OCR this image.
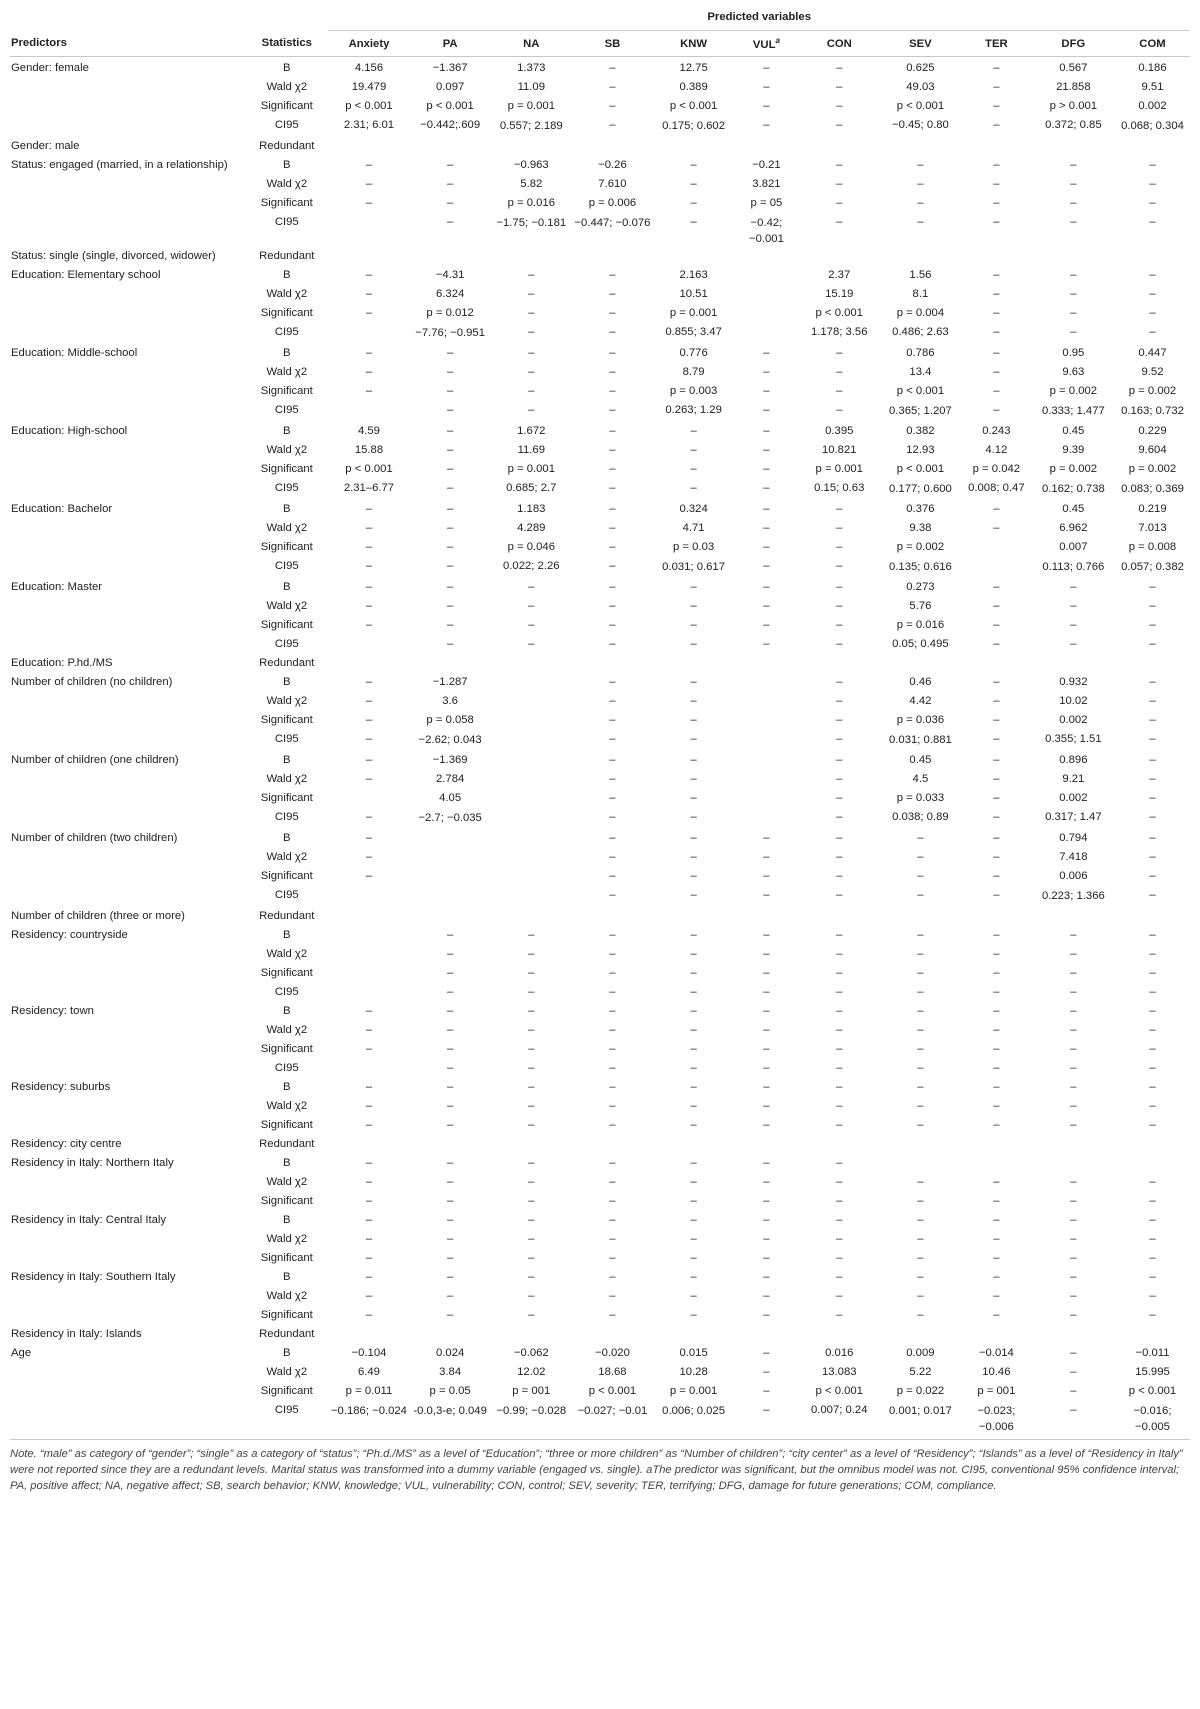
		Predicted variables										
Predictors	Statistics	Anxiety	PA	NA	SB	KNW	VUL$^a$	CON	SEV	TER	DFG	COM
Gender: female	B	4.156	−1.367	1.373	–	12.75	–	–	0.625	–	0.567	0.186
	Wald χ2	19.479	0.097	11.09	–	0.389	–	–	49.03	–	21.858	9.51
	Significant	p < 0.001	p < 0.001	p = 0.001	–	p < 0.001	–	–	p < 0.001	–	p > 0.001	0.002
	CI95	2.31; 6.01	−0.442;.609	0.557; 2.189	–	0.175; 0.602	–	–	−0.45; 0.80	–	0.372; 0.85	0.068; 0.304
Gender: male	Redundant											
Status: engaged (married, in a relationship)	B	–	–	−0.963	−0.26	–	−0.21	–	–	–	–	–
	Wald χ2	–	–	5.82	7.610	–	3.821	–	–	–	–	–
	Significant	–	–	p = 0.016	p = 0.006	–	p = 05	–	–	–	–	–
	CI95		–	−1.75; −0.181	−0.447; −0.076	–	−0.42; −0.001	–	–	–	–	–
Status: single (single, divorced, widower)	Redundant											
Education: Elementary school	B	–	−4.31	–	–	2.163		2.37	1.56	–	–	–
	Wald χ2	–	6.324	–	–	10.51		15.19	8.1	–	–	–
	Significant	–	p = 0.012	–	–	p = 0.001		p < 0.001	p = 0.004	–	–	–
	CI95		−7.76; −0.951	–	–	0.855; 3.47		1.178; 3.56	0.486; 2.63	–	–	–
Education: Middle-school	B	–	–	–	–	0.776	–	–	0.786	–	0.95	0.447
	Wald χ2	–	–	–	–	8.79	–	–	13.4	–	9.63	9.52
	Significant	–	–	–	–	p = 0.003	–	–	p < 0.001	–	p = 0.002	p = 0.002
	CI95		–	–	–	0.263; 1.29	–	–	0.365; 1.207	–	0.333; 1.477	0.163; 0.732
Education: High-school	B	4.59	–	1.672	–	–	–	0.395	0.382	0.243	0.45	0.229
	Wald χ2	15.88	–	11.69	–	–	–	10.821	12.93	4.12	9.39	9.604
	Significant	p < 0.001	–	p = 0.001	–	–	–	p = 0.001	p < 0.001	p = 0.042	p = 0.002	p = 0.002
	CI95	2.31–6.77	–	0.685; 2.7	–	–	–	0.15; 0.63	0.177; 0.600	0.008; 0.47	0.162; 0.738	0.083; 0.369
Education: Bachelor	B	–	–	1.183	–	0.324	–	–	0.376	–	0.45	0.219
	Wald χ2	–	–	4.289	–	4.71	–	–	9.38	–	6.962	7.013
	Significant	–	–	p = 0.046	–	p = 0.03	–	–	p = 0.002		0.007	p = 0.008
	CI95	–	–	0.022; 2.26	–	0.031; 0.617	–	–	0.135; 0.616		0.113; 0.766	0.057; 0.382
Education: Master	B	–	–	–	–	–	–	–	0.273	–	–	–
	Wald χ2	–	–	–	–	–	–	–	5.76	–	–	–
	Significant	–	–	–	–	–	–	–	p = 0.016	–	–	–
	CI95		–	–	–	–	–	–	0.05; 0.495	–	–	–
Education: P.hd./MS	Redundant											
Number of children (no children)	B	–	−1.287		–	–		–	0.46	–	0.932	–
	Wald χ2	–	3.6		–	–		–	4.42	–	10.02	–
	Significant	–	p = 0.058		–	–		–	p = 0.036	–	0.002	–
	CI95	–	−2.62; 0.043		–	–		–	0.031; 0.881	–	0.355; 1.51	–
Number of children (one children)	B	–	−1.369		–	–		–	0.45	–	0.896	–
	Wald χ2	–	2.784		–	–		–	4.5	–	9.21	–
	Significant		4.05		–	–		–	p = 0.033	–	0.002	–
	CI95	–	−2.7; −0.035		–	–		–	0.038; 0.89	–	0.317; 1.47	–
Number of children (two children)	B	–			–	–	–	–	–	–	0.794	–
	Wald χ2	–			–	–	–	–	–	–	7.418	–
	Significant	–			–	–	–	–	–	–	0.006	–
	CI95				–	–	–	–	–	–	0.223; 1.366	–
Number of children (three or more)	Redundant											
Residency: countryside	B		–	–	–	–	–	–	–	–	–	–
	Wald χ2		–	–	–	–	–	–	–	–	–	–
	Significant		–	–	–	–	–	–	–	–	–	–
	CI95		–	–	–	–	–	–	–	–	–	–
Residency: town	B	–	–	–	–	–	–	–	–	–	–	–
	Wald χ2	–	–	–	–	–	–	–	–	–	–	–
	Significant	–	–	–	–	–	–	–	–	–	–	–
	CI95		–	–	–	–	–	–	–	–	–	–
Residency: suburbs	B	–	–	–	–	–	–	–	–	–	–	–
	Wald χ2	–	–	–	–	–	–	–	–	–	–	–
	Significant	–	–	–	–	–	–	–	–	–	–	–
Residency: city centre	Redundant											
Residency in Italy: Northern Italy	B	–	–	–	–	–	–	–				
	Wald χ2	–	–	–	–	–	–	–	–	–	–	–
	Significant	–	–	–	–	–	–	–	–	–	–	–
Residency in Italy: Central Italy	B	–	–	–	–	–	–	–	–	–	–	–
	Wald χ2	–	–	–	–	–	–	–	–	–	–	–
	Significant	–	–	–	–	–	–	–	–	–	–	–
Residency in Italy: Southern Italy	B	–	–	–	–	–	–	–	–	–	–	–
	Wald χ2	–	–	–	–	–	–	–	–	–	–	–
	Significant	–	–	–	–	–	–	–	–	–	–	–
Residency in Italy: Islands	Redundant											
Age	B	−0.104	0.024	−0.062	−0.020	0.015	–	0.016	0.009	−0.014	–	−0.011
	Wald χ2	6.49	3.84	12.02	18.68	10.28	–	13.083	5.22	10.46	–	15.995
	Significant	p = 0.011	p = 0.05	p = 001	p < 0.001	p = 0.001	–	p < 0.001	p = 0.022	p = 001	–	p < 0.001
	CI95	−0.186; −0.024	-0.0,3-e; 0.049	−0.99; −0.028	−0.027; −0.01	0.006; 0.025	–	0.007; 0.24	0.001; 0.017	−0.023; −0.006	–	−0.016; −0.005
Note. “male” as category of “gender”; “single” as a category of “status”; “Ph.d./MS” as a level of “Education”; “three or more children” as “Number of children”; “city center” as a level of “Residency”; “Islands” as a level of “Residency in Italy” were not reported since they are a redundant levels. Marital status was transformed into a dummy variable (engaged vs. single). aThe predictor was significant, but the omnibus model was not. CI95, conventional 95% confidence interval; PA, positive affect; NA, negative affect; SB, search behavior; KNW, knowledge; VUL, vulnerability; CON, control; SEV, severity; TER, terrifying; DFG, damage for future generations; COM, compliance.
